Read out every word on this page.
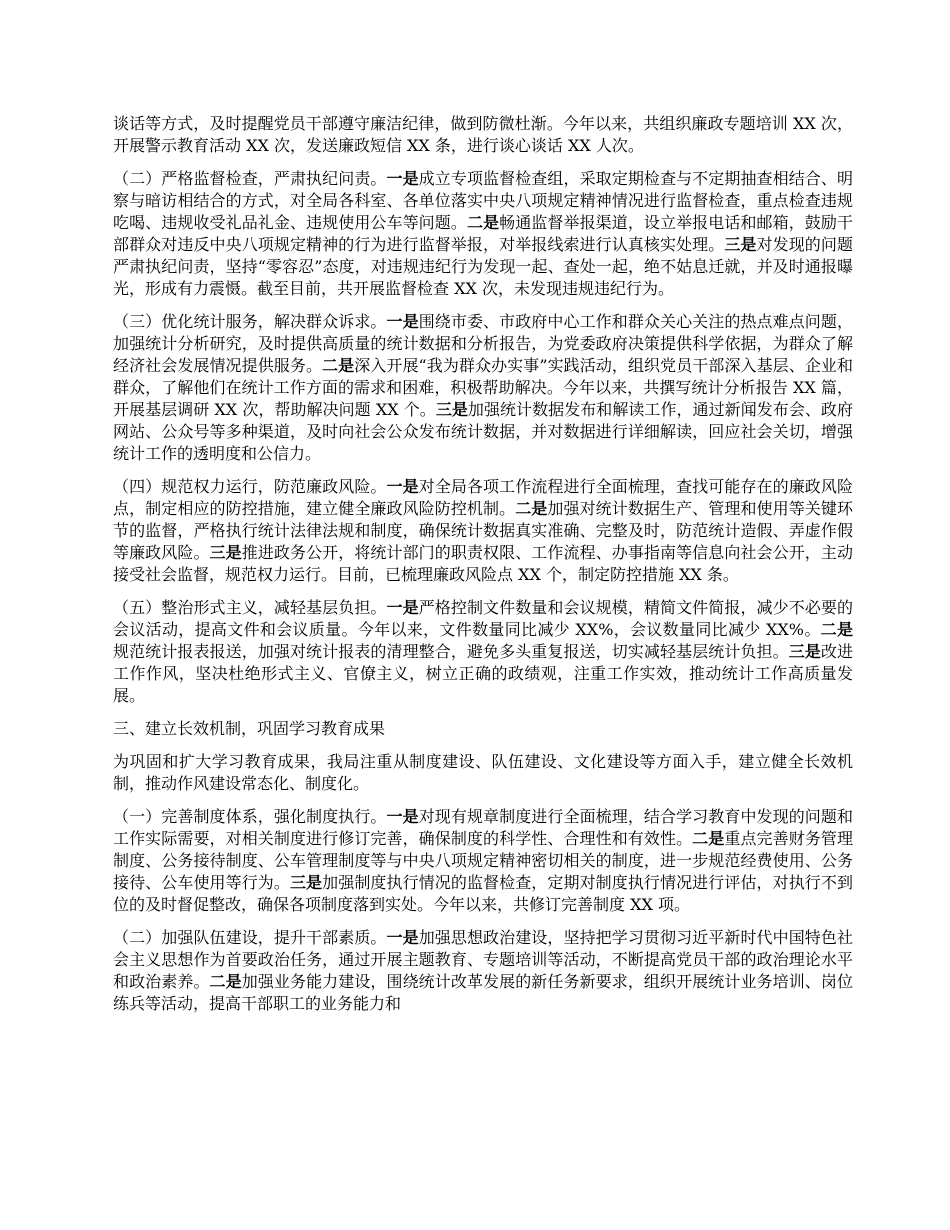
谈话等方式，及时提醒党员干部遵守廉洁纪律，做到防微杜渐。今年以来，共组织廉政专题培训 XX 次，开展警示教育活动 XX 次，发送廉政短信 XX 条，进行谈心谈话 XX 人次。

（二）严格监督检查，严肃执纪问责。一是成立专项监督检查组，采取定期检查与不定期抽查相结合、明察与暗访相结合的方式，对全局各科室、各单位落实中央八项规定精神情况进行监督检查，重点检查违规吃喝、违规收受礼品礼金、违规使用公车等问题。二是畅通监督举报渠道，设立举报电话和邮箱，鼓励干部群众对违反中央八项规定精神的行为进行监督举报，对举报线索进行认真核实处理。三是对发现的问题严肃执纪问责，坚持“零容忍”态度，对违规违纪行为发现一起、查处一起，绝不姑息迁就，并及时通报曝光，形成有力震慑。截至目前，共开展监督检查 XX 次，未发现违规违纪行为。

（三）优化统计服务，解决群众诉求。一是围绕市委、市政府中心工作和群众关心关注的热点难点问题，加强统计分析研究，及时提供高质量的统计数据和分析报告，为党委政府决策提供科学依据，为群众了解经济社会发展情况提供服务。二是深入开展“我为群众办实事”实践活动，组织党员干部深入基层、企业和群众，了解他们在统计工作方面的需求和困难，积极帮助解决。今年以来，共撰写统计分析报告 XX 篇，开展基层调研 XX 次，帮助解决问题 XX 个。三是加强统计数据发布和解读工作，通过新闻发布会、政府网站、公众号等多种渠道，及时向社会公众发布统计数据，并对数据进行详细解读，回应社会关切，增强统计工作的透明度和公信力。

（四）规范权力运行，防范廉政风险。一是对全局各项工作流程进行全面梳理，查找可能存在的廉政风险点，制定相应的防控措施，建立健全廉政风险防控机制。二是加强对统计数据生产、管理和使用等关键环节的监督，严格执行统计法律法规和制度，确保统计数据真实准确、完整及时，防范统计造假、弄虚作假等廉政风险。三是推进政务公开，将统计部门的职责权限、工作流程、办事指南等信息向社会公开，主动接受社会监督，规范权力运行。目前，已梳理廉政风险点 XX 个，制定防控措施 XX 条。

（五）整治形式主义，减轻基层负担。一是严格控制文件数量和会议规模，精简文件简报，减少不必要的会议活动，提高文件和会议质量。今年以来，文件数量同比减少 XX%，会议数量同比减少 XX%。二是规范统计报表报送，加强对统计报表的清理整合，避免多头重复报送，切实减轻基层统计负担。三是改进工作作风，坚决杜绝形式主义、官僚主义，树立正确的政绩观，注重工作实效，推动统计工作高质量发展。

三、建立长效机制，巩固学习教育成果

为巩固和扩大学习教育成果，我局注重从制度建设、队伍建设、文化建设等方面入手，建立健全长效机制，推动作风建设常态化、制度化。

（一）完善制度体系，强化制度执行。一是对现有规章制度进行全面梳理，结合学习教育中发现的问题和工作实际需要，对相关制度进行修订完善，确保制度的科学性、合理性和有效性。二是重点完善财务管理制度、公务接待制度、公车管理制度等与中央八项规定精神密切相关的制度，进一步规范经费使用、公务接待、公车使用等行为。三是加强制度执行情况的监督检查，定期对制度执行情况进行评估，对执行不到位的及时督促整改，确保各项制度落到实处。今年以来，共修订完善制度 XX 项。

（二）加强队伍建设，提升干部素质。一是加强思想政治建设，坚持把学习贯彻习近平新时代中国特色社会主义思想作为首要政治任务，通过开展主题教育、专题培训等活动，不断提高党员干部的政治理论水平和政治素养。二是加强业务能力建设，围绕统计改革发展的新任务新要求，组织开展统计业务培训、岗位练兵等活动，提高干部职工的业务能力和
